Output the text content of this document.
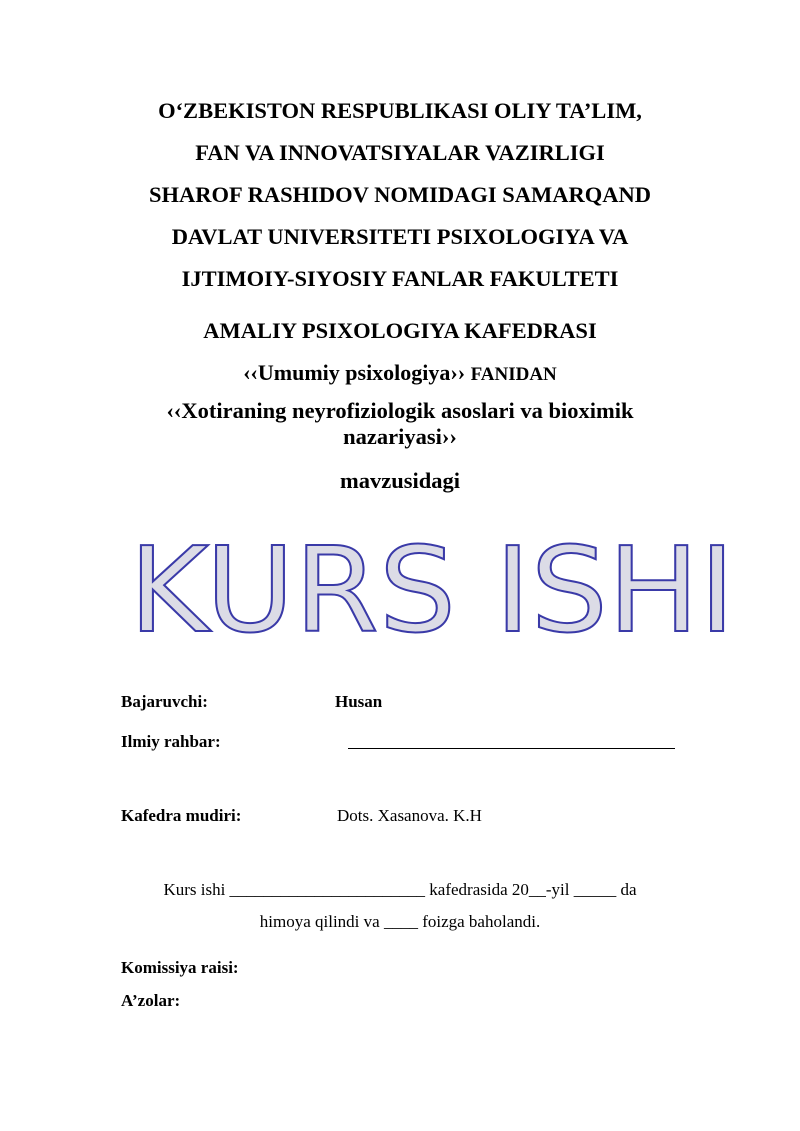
O‘ZBEKISTON RESPUBLIKASI OLIY TA’LIM,
FAN VA INNOVATSIYALAR VAZIRLIGI
SHAROF RASHIDOV NOMIDAGI SAMARQAND
DAVLAT UNIVERSITETI PSIXOLOGIYA VA
IJTIMOIY-SIYOSIY FANLAR FAKULTETI
AMALIY PSIXOLOGIYA KAFEDRASI
‹‹Umumiy psixologiya›› FANIDAN
‹‹Xotiraning neyrofiziologik asoslari va bioximik
nazariyasi››
mavzusidagi
KURS ISHI
Bajaruvchi:	Husan
Ilmiy rahbar:
Kafedra mudiri:	Dots. Xasanova. K.H
Kurs ishi _______________________ kafedrasida 20__-yil _____ da
himoya qilindi va ____ foizga baholandi.
Komissiya raisi:
A’zolar:
